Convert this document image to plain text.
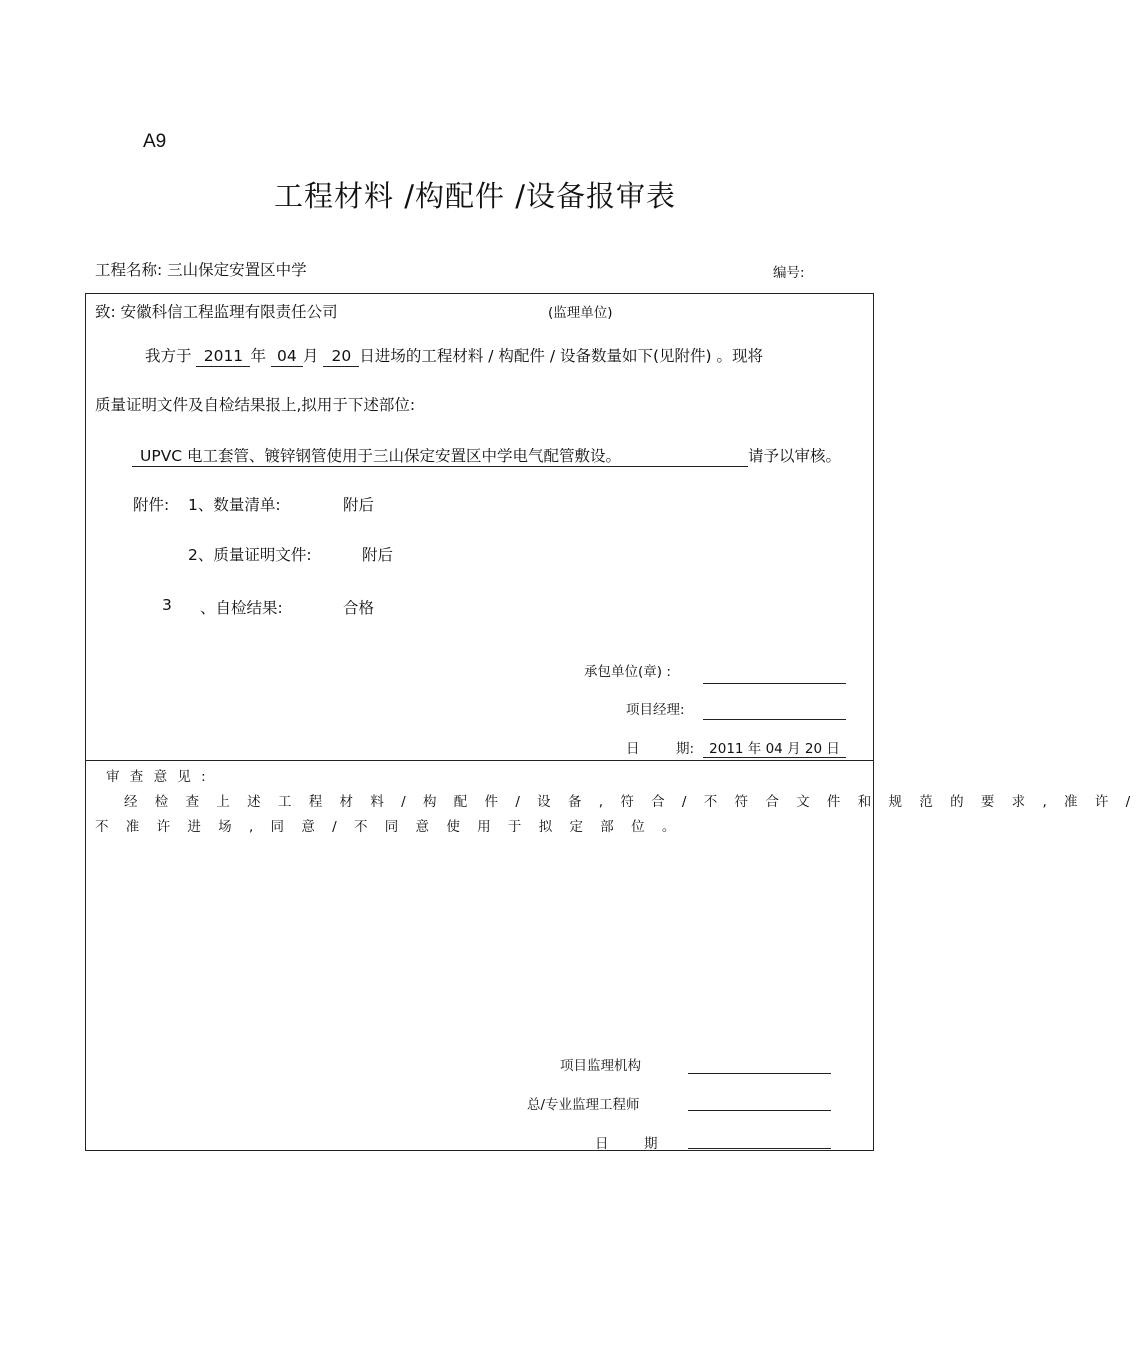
A9
工程材料 /构配件 /设备报审表
工程名称: 三山保定安置区中学	编号:
致: 安徽科信工程监理有限责任公司	(监理单位)
我方于 2011 年 04 月 20 日进场的工程材料 / 构配件 / 设备数量如下(见附件) 。现将
质量证明文件及自检结果报上,拟用于下述部位:
UPVC 电工套管、镀锌钢管使用于三山保定安置区中学电气配管敷设。	请予以审核。
附件: 1、数量清单:	附后
2、质量证明文件:	附后
3 、自检结果:	合格
承包单位(章) :
项目经理:
日	期:	2011 年 04 月 20 日
审 查 意 见 :
经 检 查 上 述 工 程 材 料 / 构 配 件 / 设 备 , 符 合 / 不 符 合 文 件 和 规 范 的 要 求 , 准 许 /
不 准 许 进 场 , 同 意 / 不 同 意 使 用 于 拟 定 部 位 。
项目监理机构
总/专业监理工程师
日	期
